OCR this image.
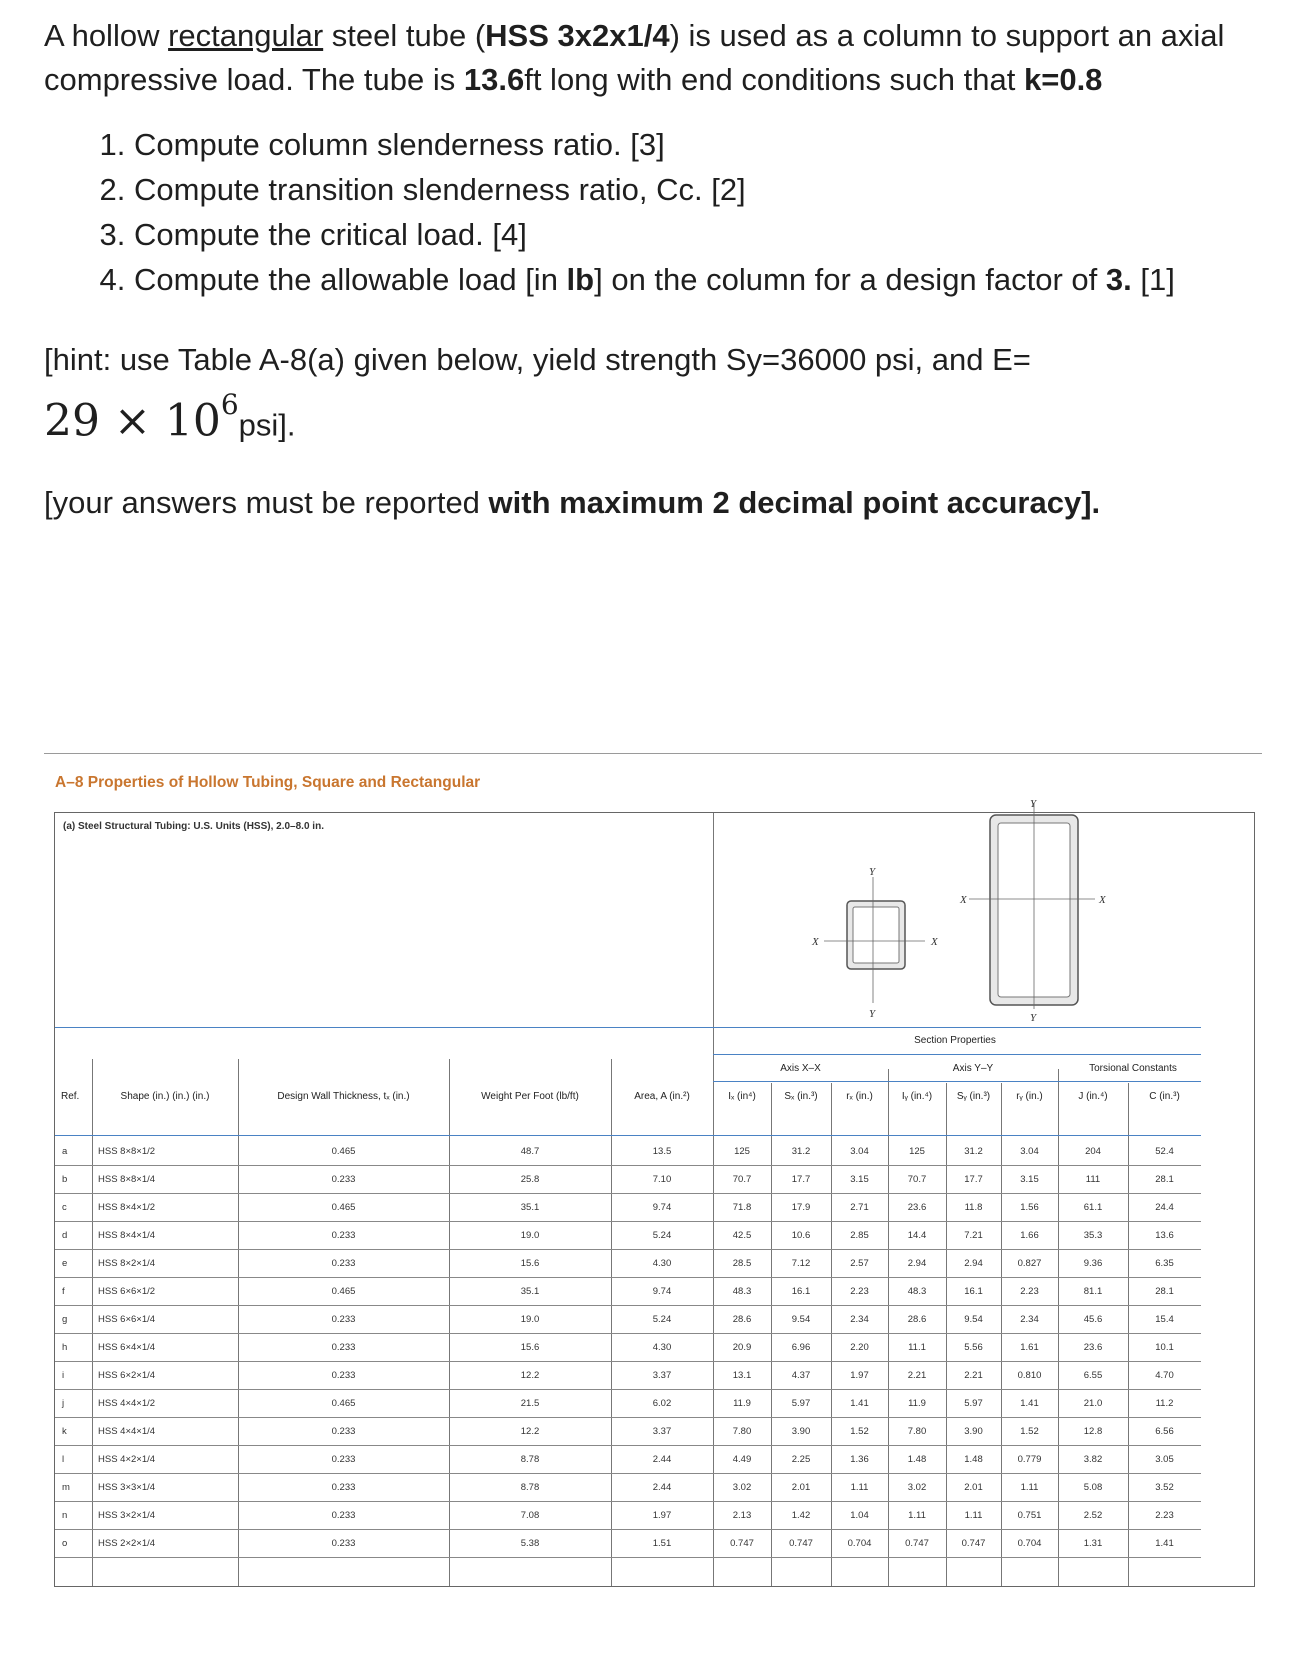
A hollow rectangular steel tube (HSS 3x2x1/4) is used as a column to support an axial compressive load. The tube is 13.6ft long with end conditions such that k=0.8

1. Compute column slenderness ratio. [3]
2. Compute transition slenderness ratio, Cc. [2]
3. Compute the critical load. [4]
4. Compute the allowable load [in lb] on the column for a design factor of 3. [1]

[hint: use Table A-8(a) given below, yield strength Sy=36000 psi, and E=

$29 \times 10^6psi$].

[your answers must be reported with maximum 2 decimal point accuracy].

A–8 Properties of Hollow Tubing, Square and Rectangular
(a) Steel Structural Tubing: U.S. Units (HSS), 2.0–8.0 in.
X	X
Y
Y
X	X
Y
Y
Section Properties
Axis X–X	Axis Y–Y	Torsional Constants
Ref.	Shape (in.) (in.) (in.)	Design Wall Thickness, tₓ (in.)	Weight Per Foot (lb/ft)	Area, A (in.²)	Iₓ (in⁴)	Sₓ (in.³)	rₓ (in.)	Iᵧ (in.⁴)	Sᵧ (in.³)	rᵧ (in.)	J (in.⁴)	C (in.³)
a	HSS 8×8×1/2	0.465	48.7	13.5	125	31.2	3.04	125	31.2	3.04	204	52.4
b	HSS 8×8×1/4	0.233	25.8	7.10	70.7	17.7	3.15	70.7	17.7	3.15	111	28.1
c	HSS 8×4×1/2	0.465	35.1	9.74	71.8	17.9	2.71	23.6	11.8	1.56	61.1	24.4
d	HSS 8×4×1/4	0.233	19.0	5.24	42.5	10.6	2.85	14.4	7.21	1.66	35.3	13.6
e	HSS 8×2×1/4	0.233	15.6	4.30	28.5	7.12	2.57	2.94	2.94	0.827	9.36	6.35
f	HSS 6×6×1/2	0.465	35.1	9.74	48.3	16.1	2.23	48.3	16.1	2.23	81.1	28.1
g	HSS 6×6×1/4	0.233	19.0	5.24	28.6	9.54	2.34	28.6	9.54	2.34	45.6	15.4
h	HSS 6×4×1/4	0.233	15.6	4.30	20.9	6.96	2.20	11.1	5.56	1.61	23.6	10.1
i	HSS 6×2×1/4	0.233	12.2	3.37	13.1	4.37	1.97	2.21	2.21	0.810	6.55	4.70
j	HSS 4×4×1/2	0.465	21.5	6.02	11.9	5.97	1.41	11.9	5.97	1.41	21.0	11.2
k	HSS 4×4×1/4	0.233	12.2	3.37	7.80	3.90	1.52	7.80	3.90	1.52	12.8	6.56
l	HSS 4×2×1/4	0.233	8.78	2.44	4.49	2.25	1.36	1.48	1.48	0.779	3.82	3.05
m	HSS 3×3×1/4	0.233	8.78	2.44	3.02	2.01	1.11	3.02	2.01	1.11	5.08	3.52
n	HSS 3×2×1/4	0.233	7.08	1.97	2.13	1.42	1.04	1.11	1.11	0.751	2.52	2.23
o	HSS 2×2×1/4	0.233	5.38	1.51	0.747	0.747	0.704	0.747	0.747	0.704	1.31	1.41
